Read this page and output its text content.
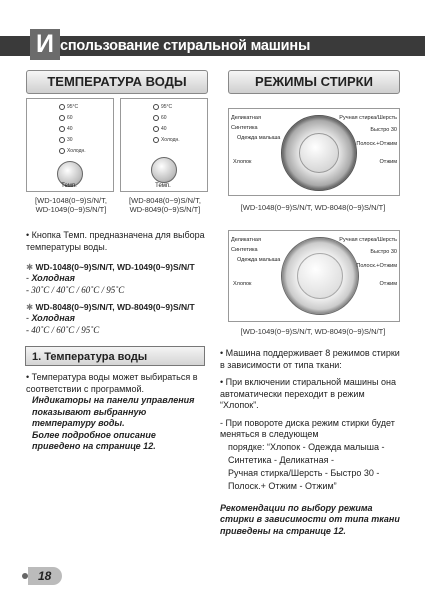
И спользование стиральной машины
ТЕМПЕРАТУРА ВОДЫ
95°C
60
40
30
Холодн.
Темп.
[WD-1048(0~9)S/N/T,
WD-1049(0~9)S/N/T]
95°C
60
40
Холодн.
Темп.
[WD-8048(0~9)S/N/T,
WD-8049(0~9)S/N/T]
• Кнопка Темп. предназначена для выбора температуры воды.
✱ WD-1048(0~9)S/N/T, WD-1049(0~9)S/N/T
- Холодная
- 30˚C / 40˚C / 60˚C / 95˚C
✱ WD-8048(0~9)S/N/T, WD-8049(0~9)S/N/T
- Холодная
- 40˚C / 60˚C / 95˚C
1. Температура воды
• Температура воды может выбираться в соответствии с программой.
Индикаторы на панели управления показывают выбранную температуру воды.
Более подробное описание приведено на странице 12.
РЕЖИМЫ СТИРКИ
Деликатная
Синтетика
Одежда малыша
Хлопок
Ручная стирка/Шерсть
Быстро 30
Полоск.+Отжим
Отжим
[WD-1048(0~9)S/N/T, WD-8048(0~9)S/N/T]
Деликатная
Синтетика
Одежда малыша
Хлопок
Ручная стирка/Шерсть
Быстро 30
Полоск.+Отжим
Отжим
[WD-1049(0~9)S/N/T, WD-8049(0~9)S/N/T]
• Машина поддерживает 8 режимов стирки в зависимости от типа ткани:
• При включении стиральной машины она автоматически переходит в режим “Хлопок”.
- При повороте диска режим стирки будет меняться в следующем
порядке: “Хлопок - Одежда малыша -
Синтетика - Деликатная -
Ручная стирка/Шерсть - Быстро 30 -
Полоск.+ Отжим - Отжим”
Рекомендации по выбору режима стирки в зависимости от типа ткани приведены на странице 12.
18
